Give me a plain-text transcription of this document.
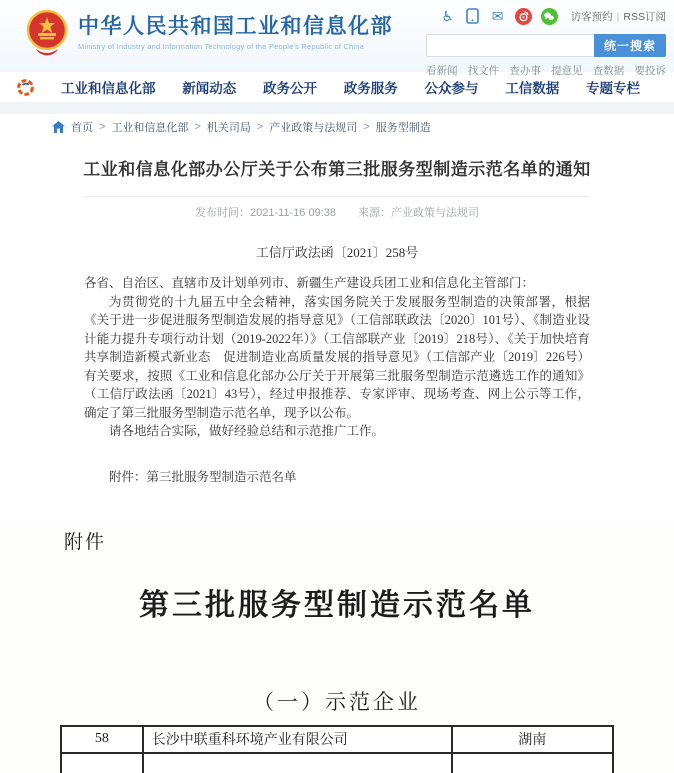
中华人民共和国工业和信息化部
Ministry of Industry and Information Technology of the People's Republic of China
♿	✉	访客预约 | RSS订阅
统一搜索
看新闻 找文件 查办事 提意见 查数据 要投诉
工业和信息化部 新闻动态 政务公开 政务服务 公众参与 工信数据 专题专栏
首页 > 工业和信息化部 > 机关司局 > 产业政策与法规司 > 服务型制造
工业和信息化部办公厅关于公布第三批服务型制造示范名单的通知
发布时间：2021-11-16 09:38 来源：产业政策与法规司
工信厅政法函〔2021〕258号

各省、自治区、直辖市及计划单列市、新疆生产建设兵团工业和信息化主管部门：

为贯彻党的十九届五中全会精神，落实国务院关于发展服务型制造的决策部署，根据《关于进一步促进服务型制造发展的指导意见》（工信部联政法〔2020〕101号）、《制造业设计能力提升专项行动计划（2019-2022年）》（工信部联产业〔2019〕218号）、《关于加快培育共享制造新模式新业态　促进制造业高质量发展的指导意见》（工信部产业〔2019〕226号）有关要求，按照《工业和信息化部办公厅关于开展第三批服务型制造示范遴选工作的通知》（工信厅政法函〔2021〕43号），经过申报推荐、专家评审、现场考查、网上公示等工作，确定了第三批服务型制造示范名单，现予以公布。

请各地结合实际，做好经验总结和示范推广工作。

附件：第三批服务型制造示范名单
附件
第三批服务型制造示范名单
（一）示范企业
58	长沙中联重科环境产业有限公司	湖南
